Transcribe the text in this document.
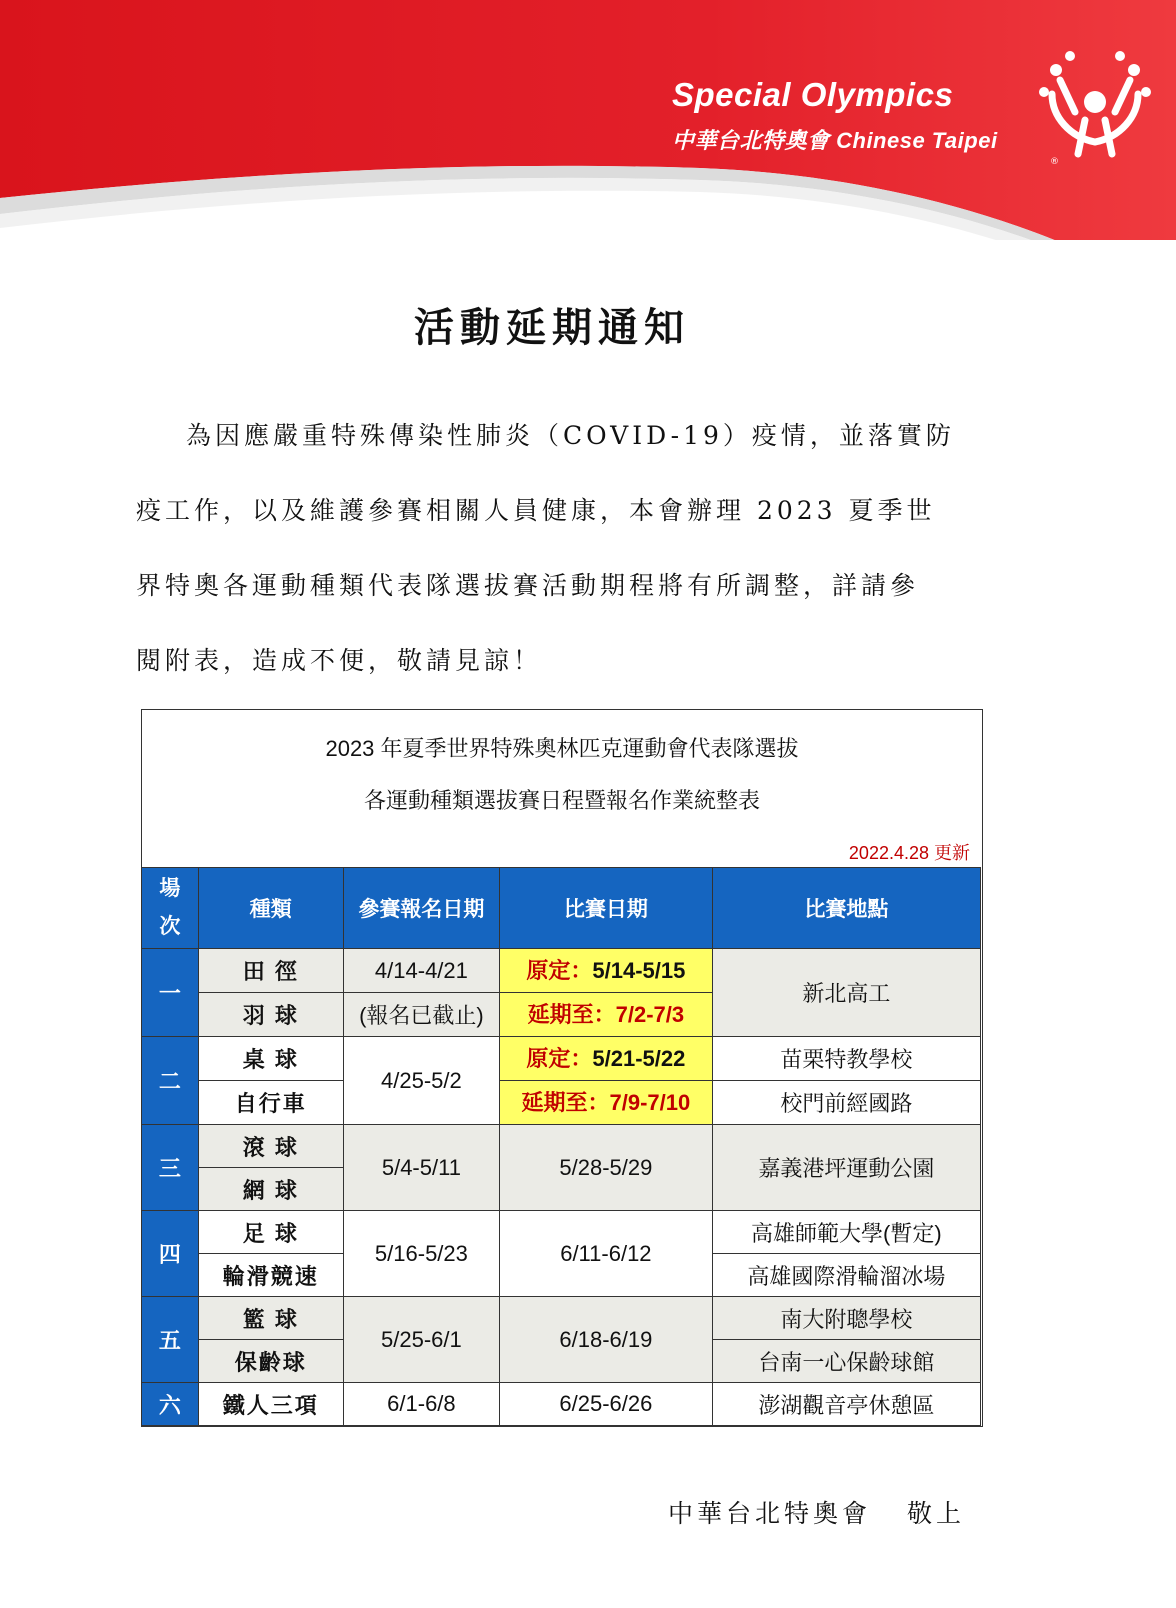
Special Olympics
中華台北特奧會 Chinese Taipei
®
活動延期通知
為因應嚴重特殊傳染性肺炎（COVID-19）疫情，並落實防
疫工作，以及維護參賽相關人員健康，本會辦理 2023 夏季世
界特奧各運動種類代表隊選拔賽活動期程將有所調整，詳請參
閱附表，造成不便，敬請見諒！
2023 年夏季世界特殊奧林匹克運動會代表隊選拔
各運動種類選拔賽日程暨報名作業統整表
2022.4.28 更新
場
次	種類	參賽報名日期	比賽日期	比賽地點
一	田 徑	4/14-4/21	原定：5/14-5/15	新北高工
	羽 球	(報名已截止)	延期至：7/2-7/3	
二	桌 球	4/25-5/2	原定：5/21-5/22	苗栗特教學校
	自行車		延期至：7/9-7/10	校門前經國路
三	滾 球	5/4-5/11	5/28-5/29	嘉義港坪運動公園
	網 球			
四	足 球	5/16-5/23	6/11-6/12	高雄師範大學(暫定)
	輪滑競速			高雄國際滑輪溜冰場
五	籃 球	5/25-6/1	6/18-6/19	南大附聰學校
	保齡球			台南一心保齡球館
六	鐵人三項	6/1-6/8	6/25-6/26	澎湖觀音亭休憩區
中華台北特奧會 敬上
